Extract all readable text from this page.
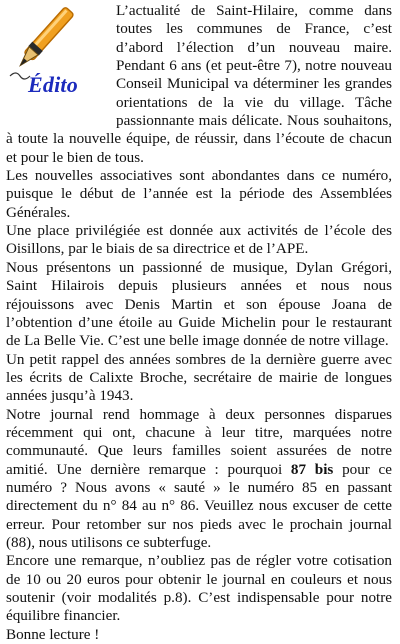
Édito

L’actualité de Saint-Hilaire, comme dans toutes les communes de France, c’est d’abord l’élection d’un nouveau maire. Pendant 6 ans (et peut-être 7), notre nouveau Conseil Municipal va déterminer les grandes orientations de la vie du village. Tâche passionnante mais délicate. Nous souhaitons, à toute la nouvelle équipe, de réussir, dans l’écoute de chacun et pour le bien de tous.

Les nouvelles associatives sont abondantes dans ce numéro, puisque le début de l’année est la période des Assemblées Générales.

Une place privilégiée est donnée aux activités de l’école des Oisillons, par le biais de sa directrice et de l’APE.

Nous présentons un passionné de musique, Dylan Grégori, Saint Hilairois depuis plusieurs années et nous nous réjouissons avec Denis Martin et son épouse Joana de l’obtention d’une étoile au Guide Michelin pour le restaurant de La Belle Vie. C’est une belle image donnée de notre village.

Un petit rappel des années sombres de la dernière guerre avec les écrits de Calixte Broche, secrétaire de mairie de longues années jusqu’à 1943.

Notre journal rend hommage à deux personnes disparues récemment qui ont, chacune à leur titre, marquées notre communauté. Que leurs familles soient assurées de notre amitié. Une dernière remarque : pourquoi 87 bis pour ce numéro ? Nous avons « sauté » le numéro 85 en passant directement du n° 84 au n° 86. Veuillez nous excuser de cette erreur. Pour retomber sur nos pieds avec le prochain journal (88), nous utilisons ce subterfuge.

Encore une remarque, n’oubliez pas de régler votre cotisation de 10 ou 20 euros pour obtenir le journal en couleurs et nous soutenir (voir modalités p.8). C’est indispensable pour notre équilibre financier.

Bonne lecture !
